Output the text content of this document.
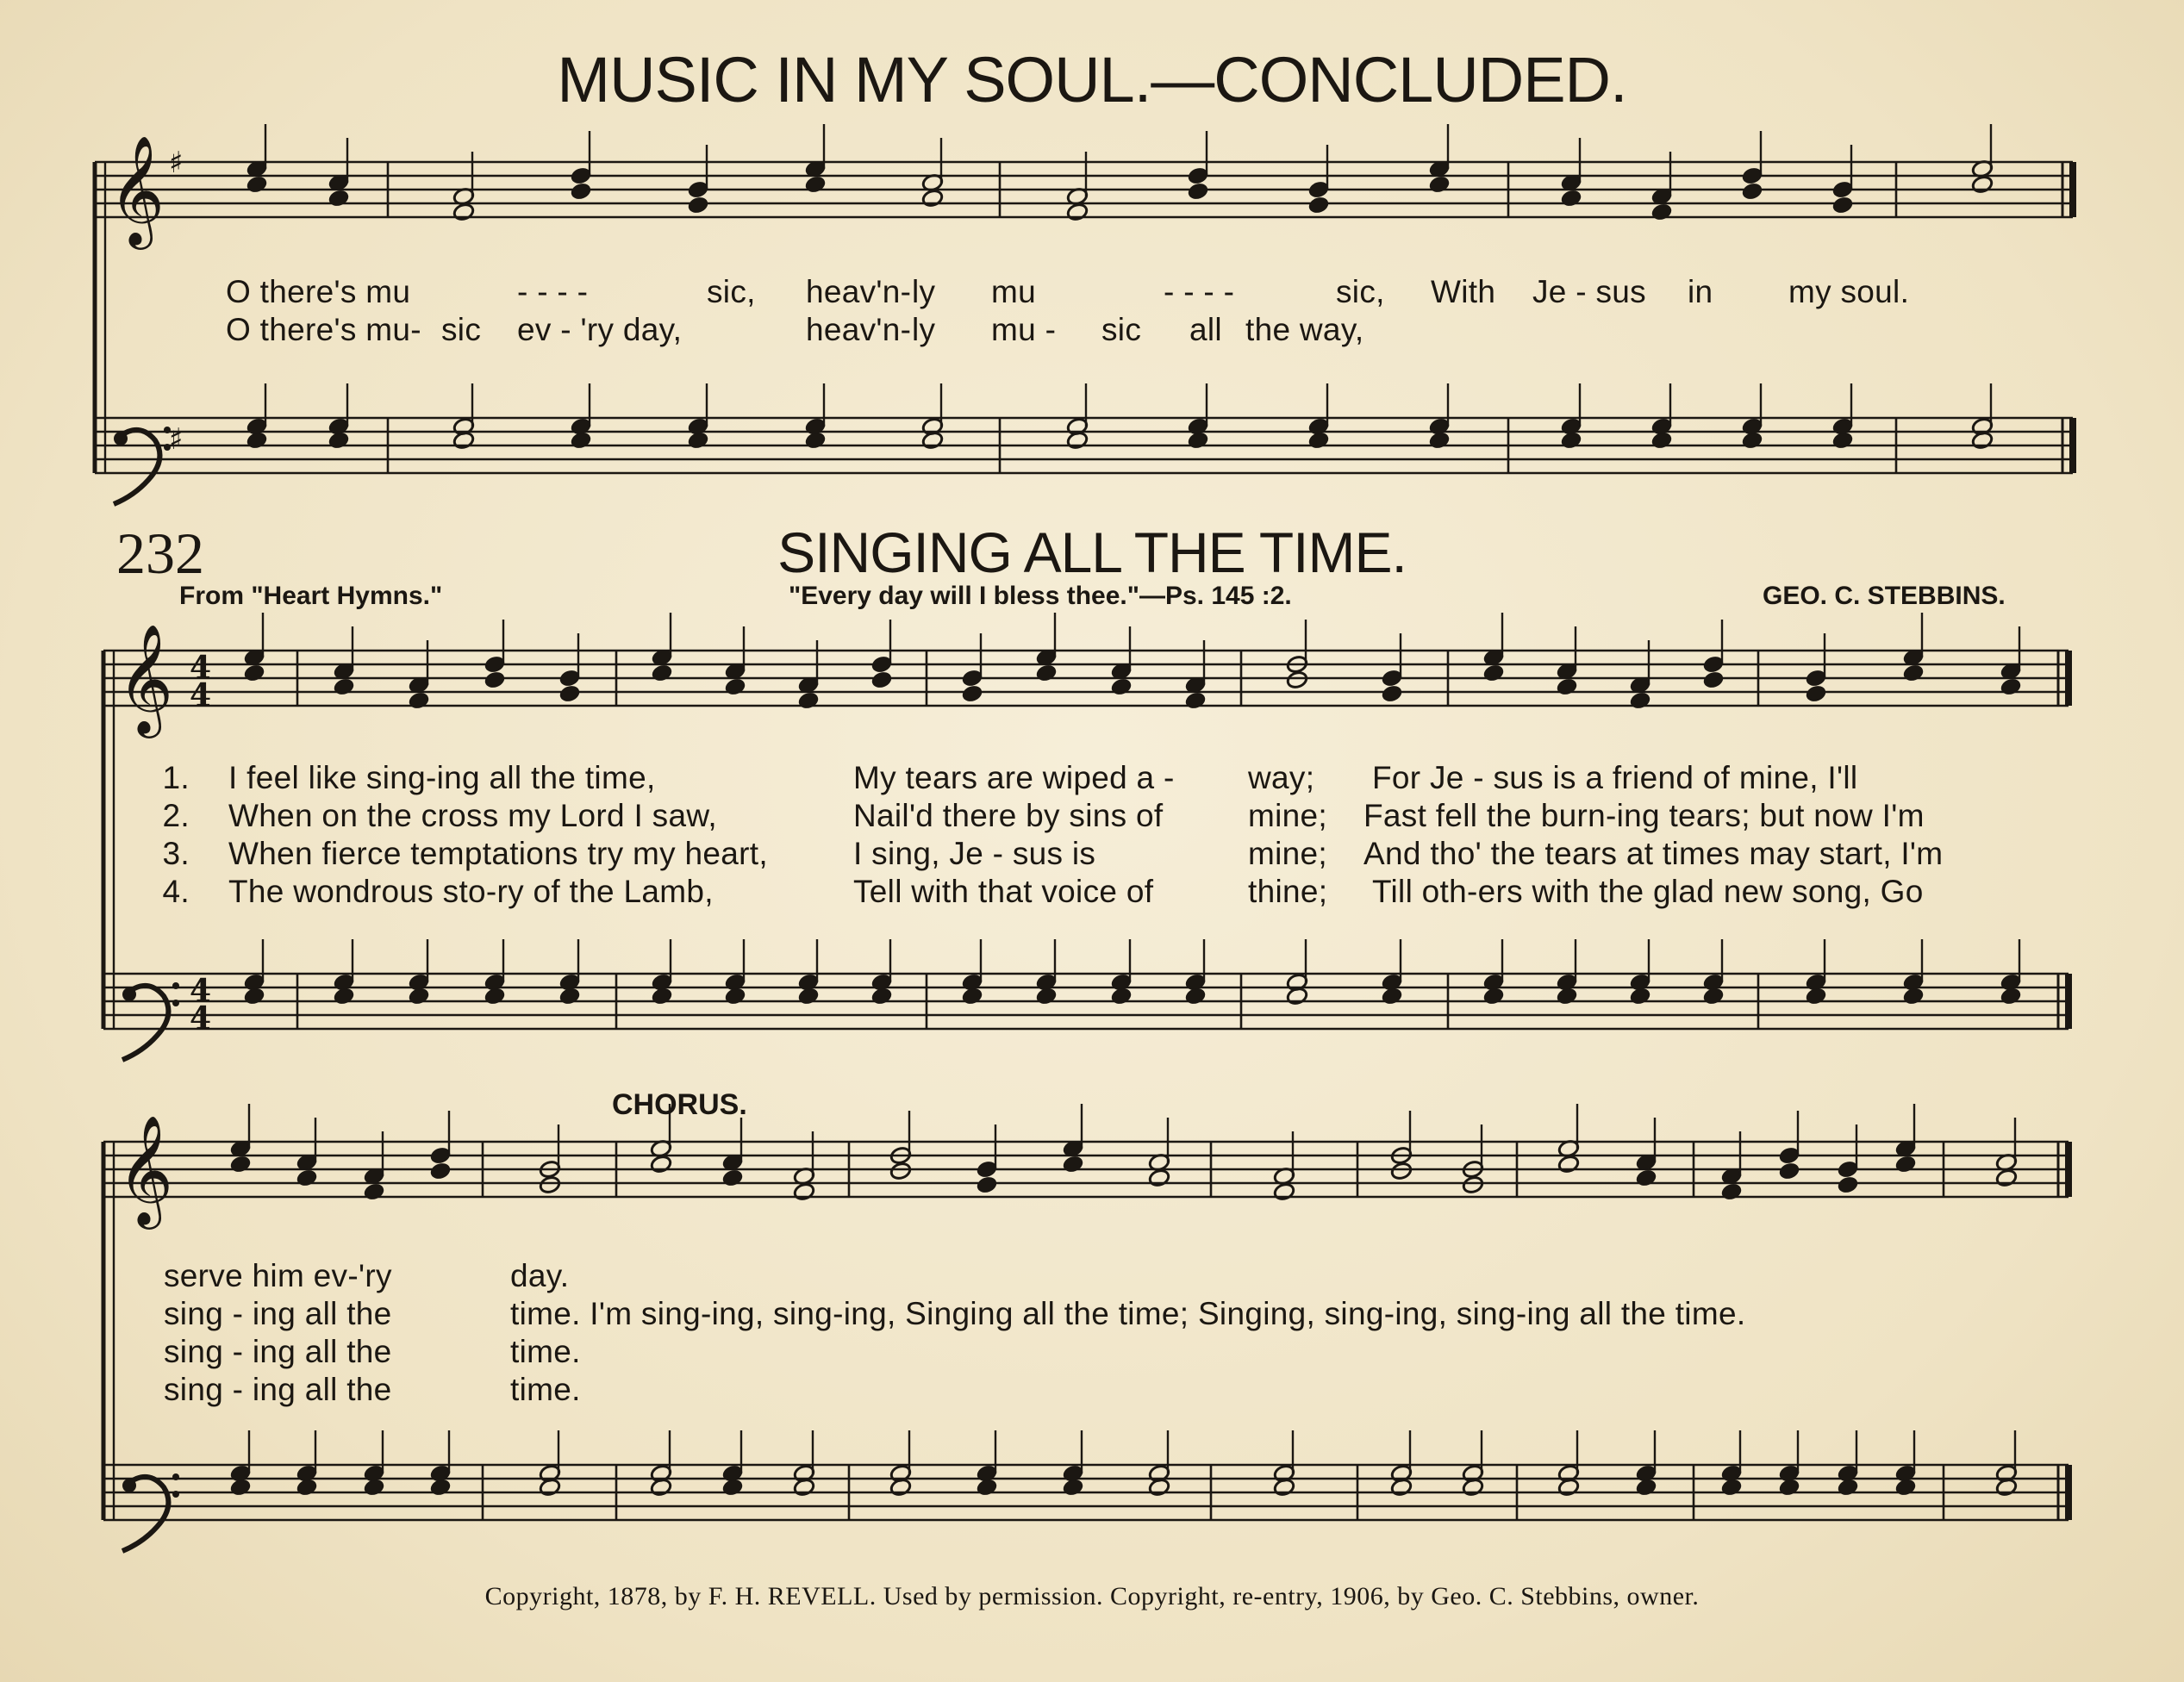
MUSIC IN MY SOUL.—CONCLUDED.
232	SINGING ALL THE TIME.
From "Heart Hymns."	"Every day will I bless thee."—Ps. 145 :2.	GEO. C. STEBBINS.
CHORUS.
Copyright, 1878, by F. H. REVELL. Used by permission. Copyright, re-entry, 1906, by Geo. C. Stebbins, owner.
O there's mu	- - - -	sic, heav'n- ly mu	- - - -	sic, With Je - sus in my soul.
O there's mu- sic ev - 'ry day,	heav'n- ly mu - sic all the way,
1. I feel like sing-ing all the time,	My tears are wiped a - way; For Je - sus is a friend of mine, I'll
2. When on the cross my Lord I saw,	Nail'd there by sins of	mine; Fast fell the burn-ing tears; but now I'm
3. When fierce temptations try my heart,	I sing, Je - sus is	mine; And tho' the tears at times may start, I'm
4. The wondrous sto-ry of the Lamb,	Tell with that voice of	thine; Till oth-ers with the glad new song, Go
serve him ev-'ry	day.
sing - ing all the	time. I'm sing-ing, sing-ing, Singing all the time; Singing, sing-ing, sing-ing all the time.
sing - ing all the	time.
sing - ing all the	time.
𝄞 ♯
♯
𝄞 4
4
4
4
𝄞
